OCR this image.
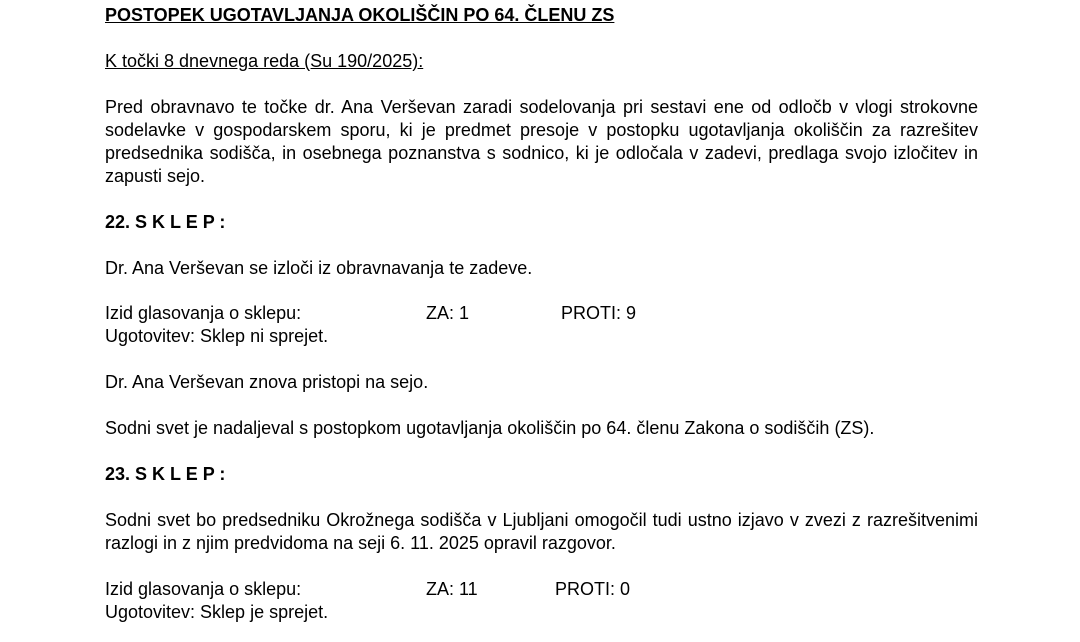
POSTOPEK UGOTAVLJANJA OKOLIŠČIN PO 64. ČLENU ZS
K točki 8 dnevnega reda (Su 190/2025):
Pred obravnavo te točke dr. Ana Verševan zaradi sodelovanja pri sestavi ene od odločb v vlogi strokovne sodelavke v gospodarskem sporu, ki je predmet presoje v postopku ugotavljanja okoliščin za razrešitev predsednika sodišča, in osebnega poznanstva s sodnico, ki je odločala v zadevi, predlaga svojo izločitev in zapusti sejo.
22. S K L E P :
Dr. Ana Verševan se izloči iz obravnavanja te zadeve.
Izid glasovanja o sklepu:	ZA: 1	PROTI: 9
Ugotovitev: Sklep ni sprejet.
Dr. Ana Verševan znova pristopi na sejo.
Sodni svet je nadaljeval s postopkom ugotavljanja okoliščin po 64. členu Zakona o sodiščih (ZS).
23. S K L E P :
Sodni svet bo predsedniku Okrožnega sodišča v Ljubljani omogočil tudi ustno izjavo v zvezi z razrešitvenimi razlogi in z njim predvidoma na seji 6. 11. 2025 opravil razgovor.
Izid glasovanja o sklepu:	ZA: 11	PROTI: 0
Ugotovitev: Sklep je sprejet.
